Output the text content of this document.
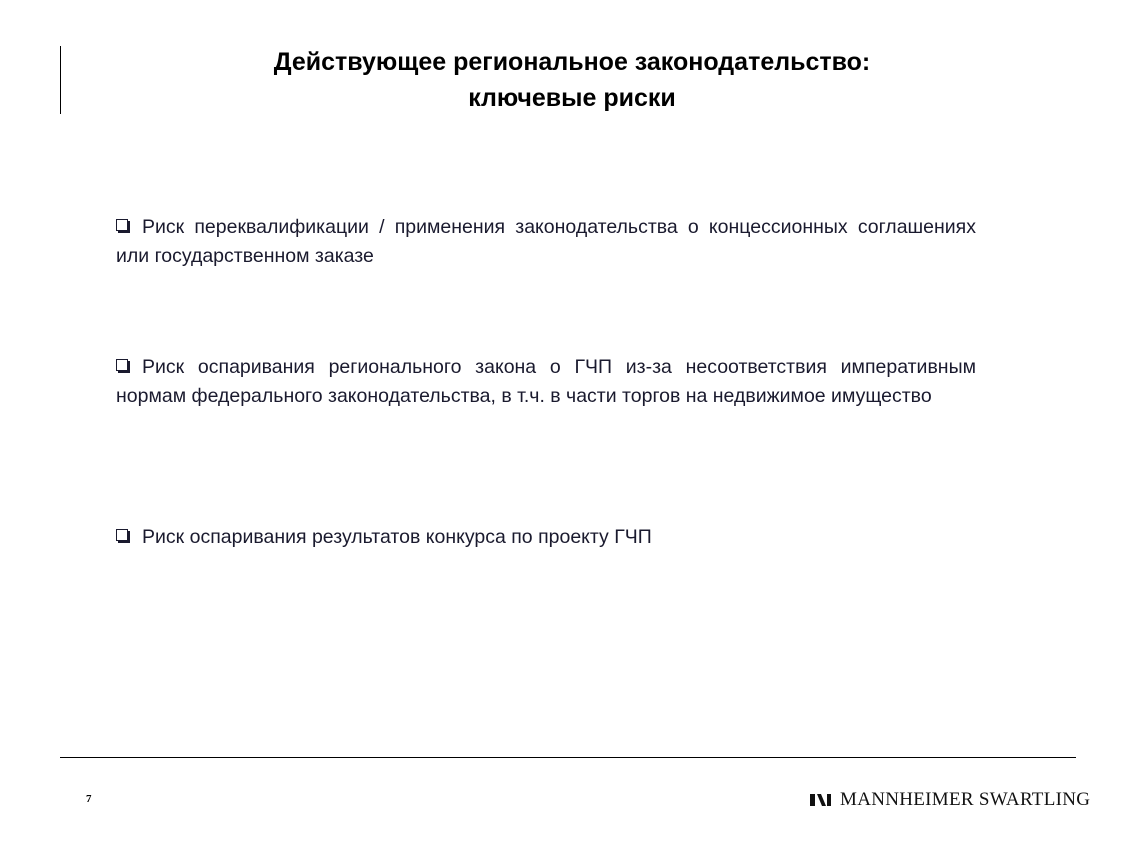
Действующее региональное законодательство:
ключевые риски
Риск переквалификации / применения законодательства о концессионных соглашениях или государственном заказе
Риск оспаривания регионального закона о ГЧП из-за несоответствия императивным нормам федерального законодательства, в т.ч. в части торгов на недвижимое имущество
Риск оспаривания результатов конкурса по проекту ГЧП
7	MANNHEIMER SWARTLING
